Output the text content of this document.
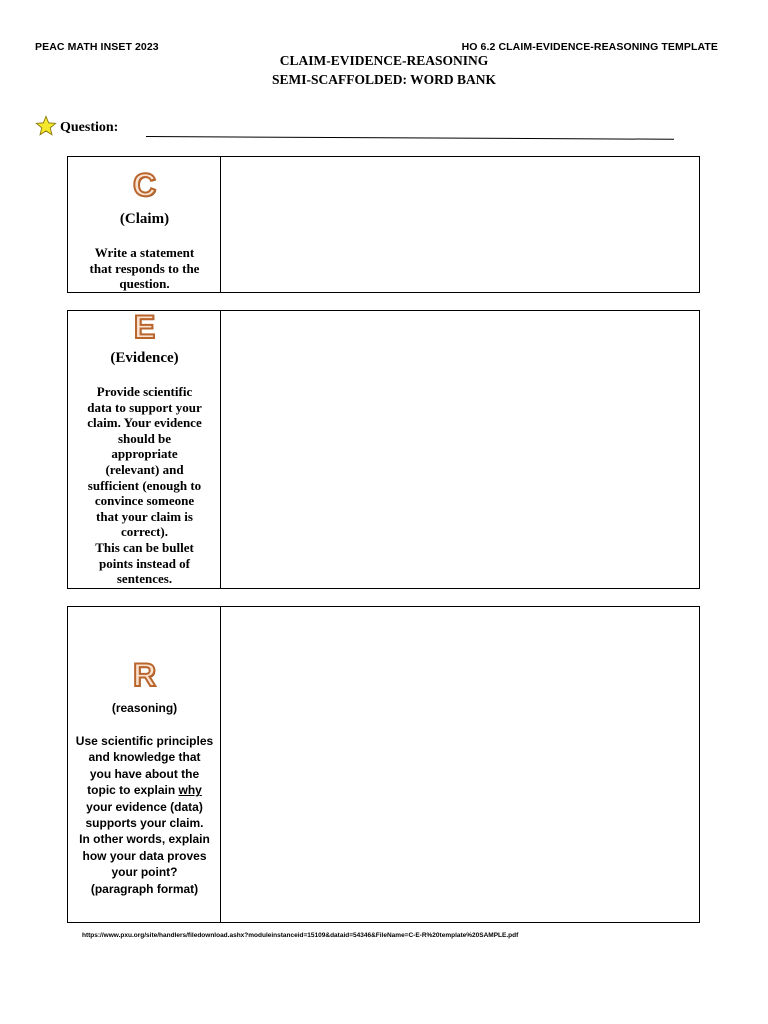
PEAC MATH INSET 2023	HO 6.2 CLAIM-EVIDENCE-REASONING TEMPLATE
CLAIM-EVIDENCE-REASONING
SEMI-SCAFFOLDED: WORD BANK
Question:
C
(Claim)
Write a statement
that responds to the
question.
E
(Evidence)
Provide scientific
data to support your
claim. Your evidence
should be
appropriate
(relevant) and
sufficient (enough to
convince someone
that your claim is
correct).
This can be bullet
points instead of
sentences.
R
(reasoning)
Use scientific principles
and knowledge that
you have about the
topic to explain why
your evidence (data)
supports your claim.
In other words, explain
how your data proves
your point?
(paragraph format)
https://www.pxu.org/site/handlers/filedownload.ashx?moduleinstanceid=15109&dataid=54346&FileName=C-E-R%20template%20SAMPLE.pdf
